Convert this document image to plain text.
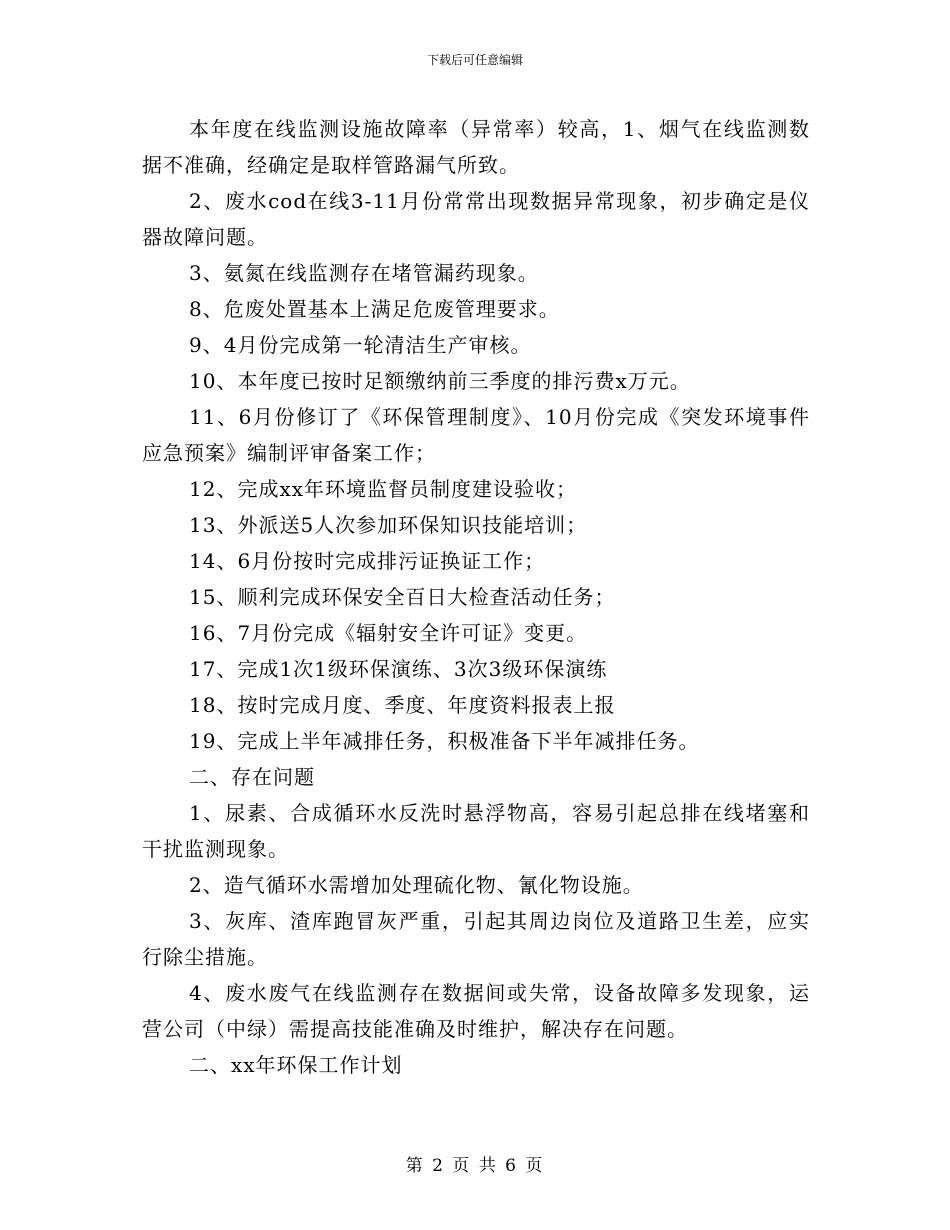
下载后可任意编辑

本年度在线监测设施故障率（异常率）较高，1、烟气在线监测数据不准确，经确定是取样管路漏气所致。

2、废水cod在线3-11月份常常出现数据异常现象，初步确定是仪器故障问题。

3、氨氮在线监测存在堵管漏药现象。

8、危废处置基本上满足危废管理要求。

9、4月份完成第一轮清洁生产审核。

10、本年度已按时足额缴纳前三季度的排污费x万元。

11、6月份修订了《环保管理制度》、10月份完成《突发环境事件应急预案》编制评审备案工作；

12、完成xx年环境监督员制度建设验收；

13、外派送5人次参加环保知识技能培训；

14、6月份按时完成排污证换证工作；

15、顺利完成环保安全百日大检查活动任务；

16、7月份完成《辐射安全许可证》变更。

17、完成1次1级环保演练、3次3级环保演练

18、按时完成月度、季度、年度资料报表上报

19、完成上半年减排任务，积极准备下半年减排任务。

二、存在问题

1、尿素、合成循环水反洗时悬浮物高，容易引起总排在线堵塞和干扰监测现象。

2、造气循环水需增加处理硫化物、氰化物设施。

3、灰库、渣库跑冒灰严重，引起其周边岗位及道路卫生差，应实行除尘措施。

4、废水废气在线监测存在数据间或失常，设备故障多发现象，运营公司（中绿）需提高技能准确及时维护，解决存在问题。

二、xx年环保工作计划

第 2 页 共 6 页
